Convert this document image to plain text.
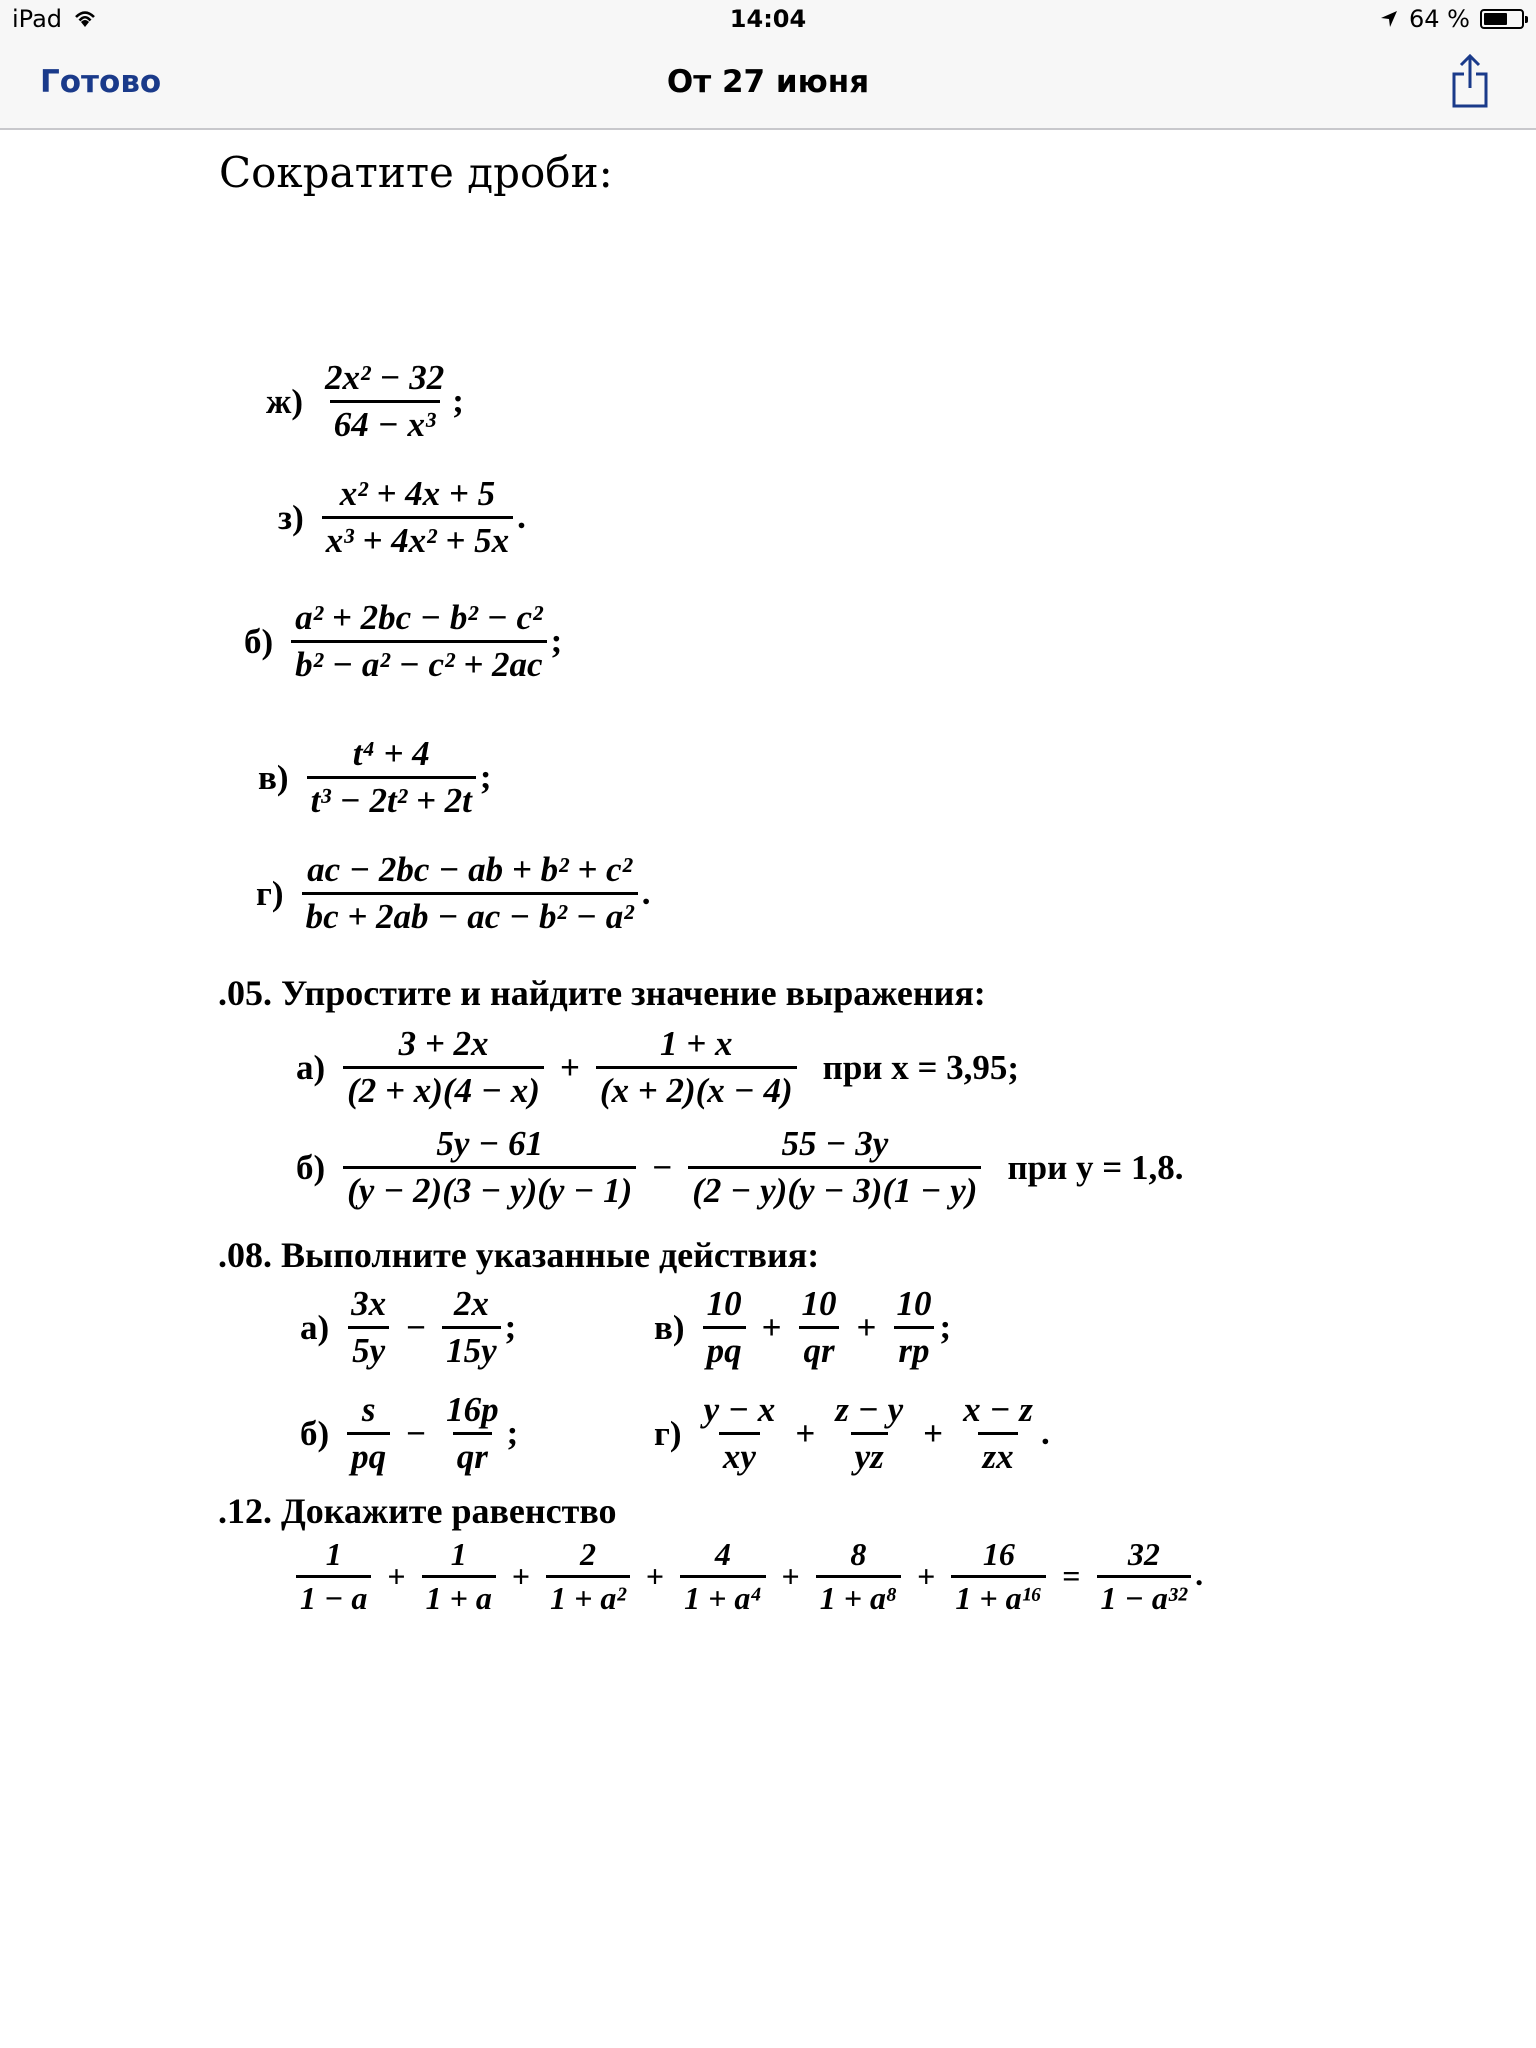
iPad	14:04	64 %
Готово	От 27 июня
Сократите дроби:
$ж) \frac{\text{2x² − 32}}{\text{64 − x³}}$ ;
$з) \frac{\text{x² + 4x + 5}}{\text{x³ + 4x² + 5x}}$ .
$б) \frac{\text{a² + 2bc − b² − c²}}{\text{b² − a² − c² + 2ac}}$ ;
$в) \frac{\text{t⁴ + 4}}{\text{t³ − 2t² + 2t}}$ ;
$г) \frac{\text{ac − 2bc − ab + b² + c²}}{\text{bc + 2ab − ac − b² − a²}}$ .
.05. Упростите и найдите значение выражения:
$а) \frac{3 + 2x}{(2 + x)(4 - x)} + \frac{1 + x}{(x + 2)(x - 4)}$ при x = 3,95;
$б) \frac{5y - 61}{(y - 2)(3 - y)(y - 1)} - \frac{55 - 3y}{(2 - y)(y - 3)(1 - y)}$ при y = 1,8.
.08. Выполните указанные действия:
$а) \frac{3x}{5y} - \frac{2x}{15y}$ ;	$в) \frac{10}{pq} + \frac{10}{qr} + \frac{10}{rp}$ ;
$б) \frac{s}{pq} - \frac{16p}{qr}$ ;	$г) \frac{y - x}{xy} + \frac{z - y}{yz} + \frac{x - z}{zx}$ .
.12. Докажите равенство
$\frac{1}{1 - a} + \frac{1}{1 + a} + \frac{2}{\text{1 + a²}} + \frac{4}{\text{1 + a⁴}} + \frac{8}{\text{1 + a⁸}} + \frac{16}{\text{1 + a¹⁶}} = \frac{32}{\text{1 − a³²}}$ .
